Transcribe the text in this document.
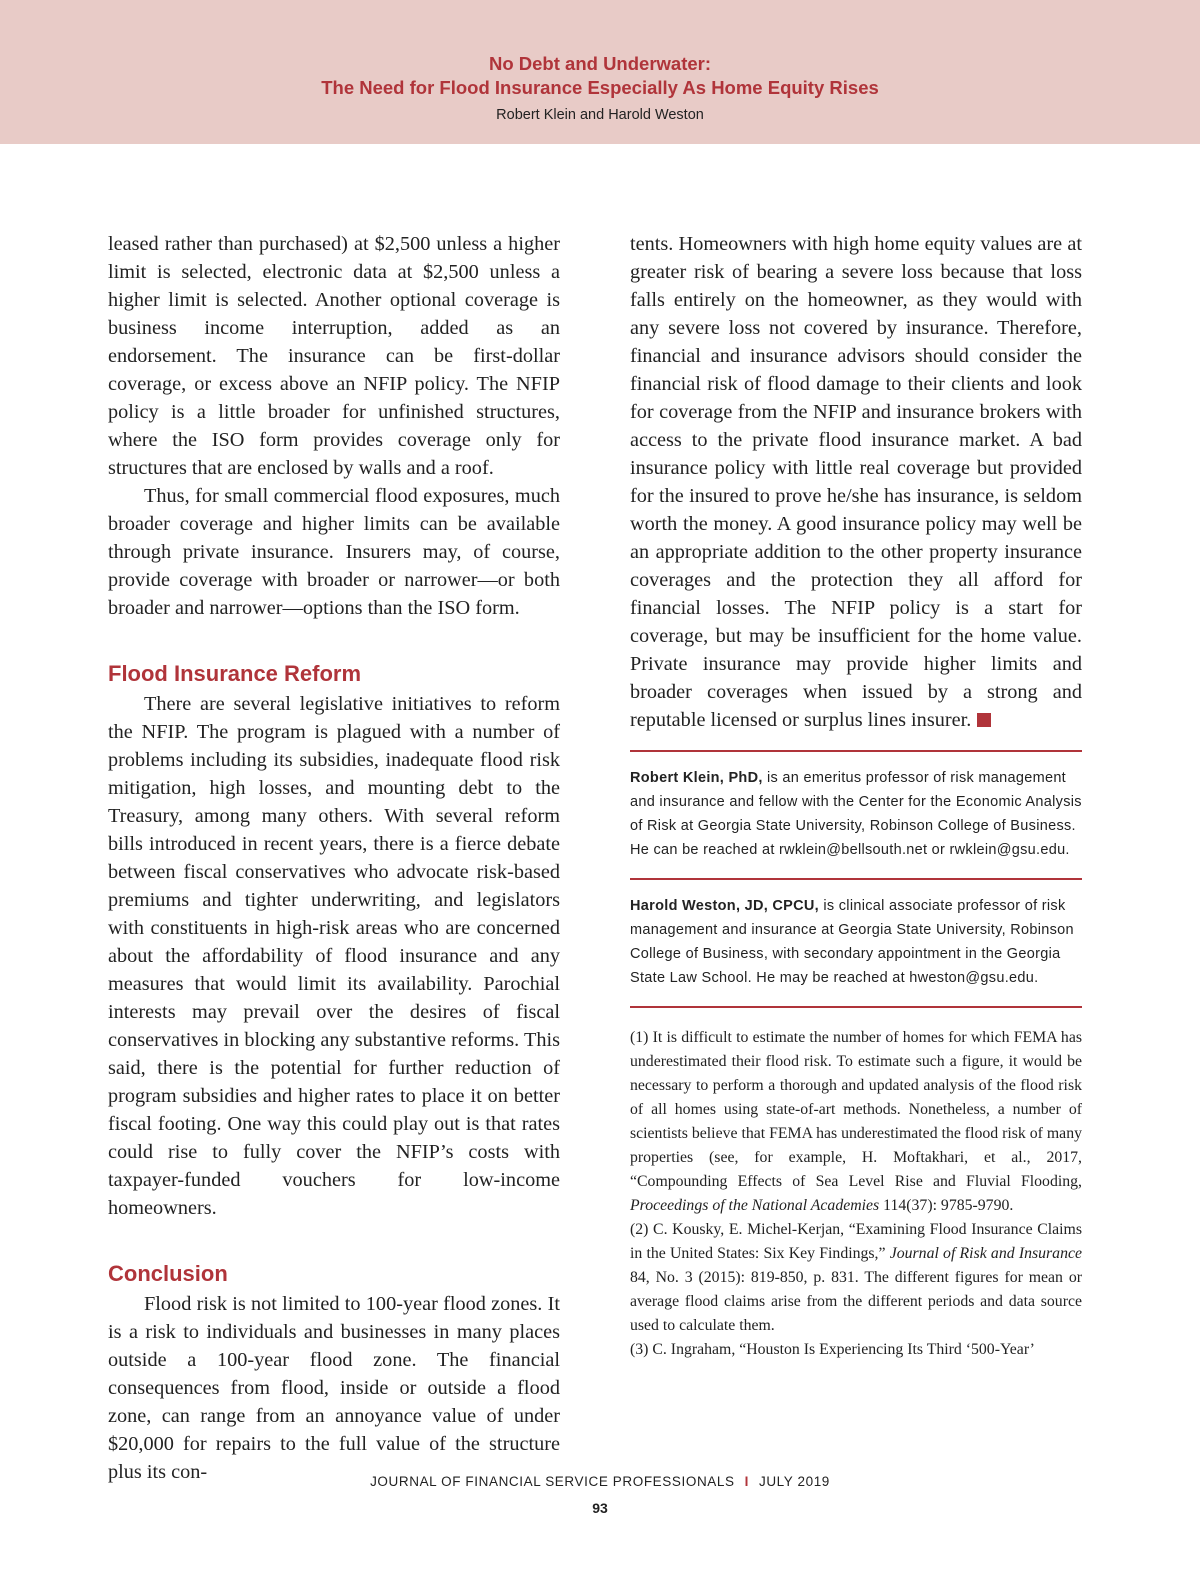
No Debt and Underwater:
The Need for Flood Insurance Especially As Home Equity Rises
Robert Klein and Harold Weston

leased rather than purchased) at $2,500 unless a higher limit is selected, electronic data at $2,500 unless a higher limit is selected. Another optional coverage is business income interruption, added as an endorsement. The insurance can be first-dollar coverage, or excess above an NFIP policy. The NFIP policy is a little broader for unfinished structures, where the ISO form provides coverage only for structures that are enclosed by walls and a roof.

Thus, for small commercial flood exposures, much broader coverage and higher limits can be available through private insurance. Insurers may, of course, provide coverage with broader or narrower—or both broader and narrower—options than the ISO form.

Flood Insurance Reform

There are several legislative initiatives to reform the NFIP. The program is plagued with a number of problems including its subsidies, inadequate flood risk mitigation, high losses, and mounting debt to the Treasury, among many others. With several reform bills introduced in recent years, there is a fierce debate between fiscal conservatives who advocate risk-based premiums and tighter underwriting, and legislators with constituents in high-risk areas who are concerned about the affordability of flood insurance and any measures that would limit its availability. Parochial interests may prevail over the desires of fiscal conservatives in blocking any substantive reforms. This said, there is the potential for further reduction of program subsidies and higher rates to place it on better fiscal footing. One way this could play out is that rates could rise to fully cover the NFIP’s costs with taxpayer-funded vouchers for low-income homeowners.

Conclusion

Flood risk is not limited to 100-year flood zones. It is a risk to individuals and businesses in many places outside a 100-year flood zone. The financial consequences from flood, inside or outside a flood zone, can range from an annoyance value of under $20,000 for repairs to the full value of the structure plus its con-

tents. Homeowners with high home equity values are at greater risk of bearing a severe loss because that loss falls entirely on the homeowner, as they would with any severe loss not covered by insurance. Therefore, financial and insurance advisors should consider the financial risk of flood damage to their clients and look for coverage from the NFIP and insurance brokers with access to the private flood insurance market. A bad insurance policy with little real coverage but provided for the insured to prove he/she has insurance, is seldom worth the money. A good insurance policy may well be an appropriate addition to the other property insurance coverages and the protection they all afford for financial losses. The NFIP policy is a start for coverage, but may be insufficient for the home value. Private insurance may provide higher limits and broader coverages when issued by a strong and reputable licensed or surplus lines insurer.

Robert Klein, PhD, is an emeritus professor of risk management and insurance and fellow with the Center for the Economic Analysis of Risk at Georgia State University, Robinson College of Business. He can be reached at rwklein@bellsouth.net or rwklein@gsu.edu.

Harold Weston, JD, CPCU, is clinical associate professor of risk management and insurance at Georgia State University, Robinson College of Business, with secondary appointment in the Georgia State Law School. He may be reached at hweston@gsu.edu.

(1) It is difficult to estimate the number of homes for which FEMA has underestimated their flood risk. To estimate such a figure, it would be necessary to perform a thorough and updated analysis of the flood risk of all homes using state-of-art methods. Nonetheless, a number of scientists believe that FEMA has underestimated the flood risk of many properties (see, for example, H. Moftakhari, et al., 2017, “Compounding Effects of Sea Level Rise and Fluvial Flooding, Proceedings of the National Academies 114(37): 9785-9790.

(2) C. Kousky, E. Michel-Kerjan, “Examining Flood Insurance Claims in the United States: Six Key Findings,” Journal of Risk and Insurance 84, No. 3 (2015): 819-850, p. 831. The different figures for mean or average flood claims arise from the different periods and data source used to calculate them.

(3) C. Ingraham, “Houston Is Experiencing Its Third ‘500-Year’

JOURNAL OF FINANCIAL SERVICE PROFESSIONALS I JULY 2019
93
